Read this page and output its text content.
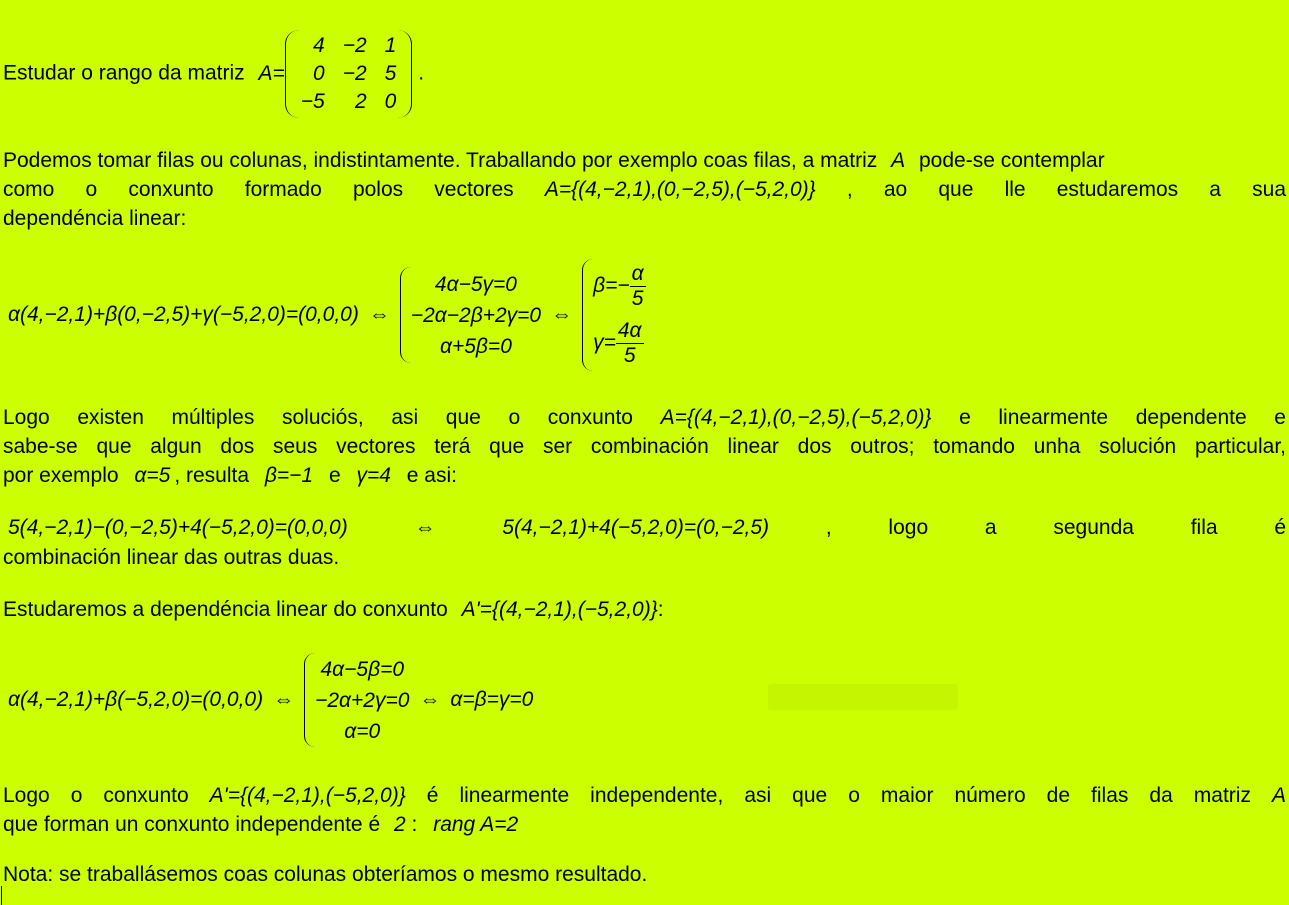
Estudar o rango da matriz A=
4	−2	1
0	−2	5
−5	2	0
.
Podemos tomar filas ou colunas, indistintamente. Traballando por exemplo coas filas, a matriz A pode-se contemplar
como o conxunto formado polos vectores A={(4,−2,1),(0,−2,5),(−5,2,0)} , ao que lle estudaremos a sua
dependéncia linear:
α(4,−2,1)+β(0,−2,5)+γ(−5,2,0)=(0,0,0) ⇔
4α−5γ=0
−2α−2β+2γ=0
α+5β=0
⇔
$\beta=- \frac{\alpha}{5}$
$\gamma= \frac{4\alpha}{5}$
Logo existen múltiples soluciós, asi que o conxunto A={(4,−2,1),(0,−2,5),(−5,2,0)} e linearmente dependente e
sabe-se que algun dos seus vectores terá que ser combinación linear dos outros; tomando unha solución particular,
por exemplo α=5 , resulta β=−1 e γ=4 e asi:
5(4,−2,1)−(0,−2,5)+4(−5,2,0)=(0,0,0)	⇔	5(4,−2,1)+4(−5,2,0)=(0,−2,5)	, logo a segunda fila é
combinación linear das outras duas.
Estudaremos a dependéncia linear do conxunto A'={(4,−2,1),(−5,2,0)}:
α(4,−2,1)+β(−5,2,0)=(0,0,0) ⇔
4α−5β=0
−2α+2γ=0
α=0
⇔ α=β=γ=0
Logo o conxunto A'={(4,−2,1),(−5,2,0)} é linearmente independente, asi que o maior número de filas da matriz A
que forman un conxunto independente é 2 : rang A=2
Nota: se traballásemos coas colunas obteríamos o mesmo resultado.
